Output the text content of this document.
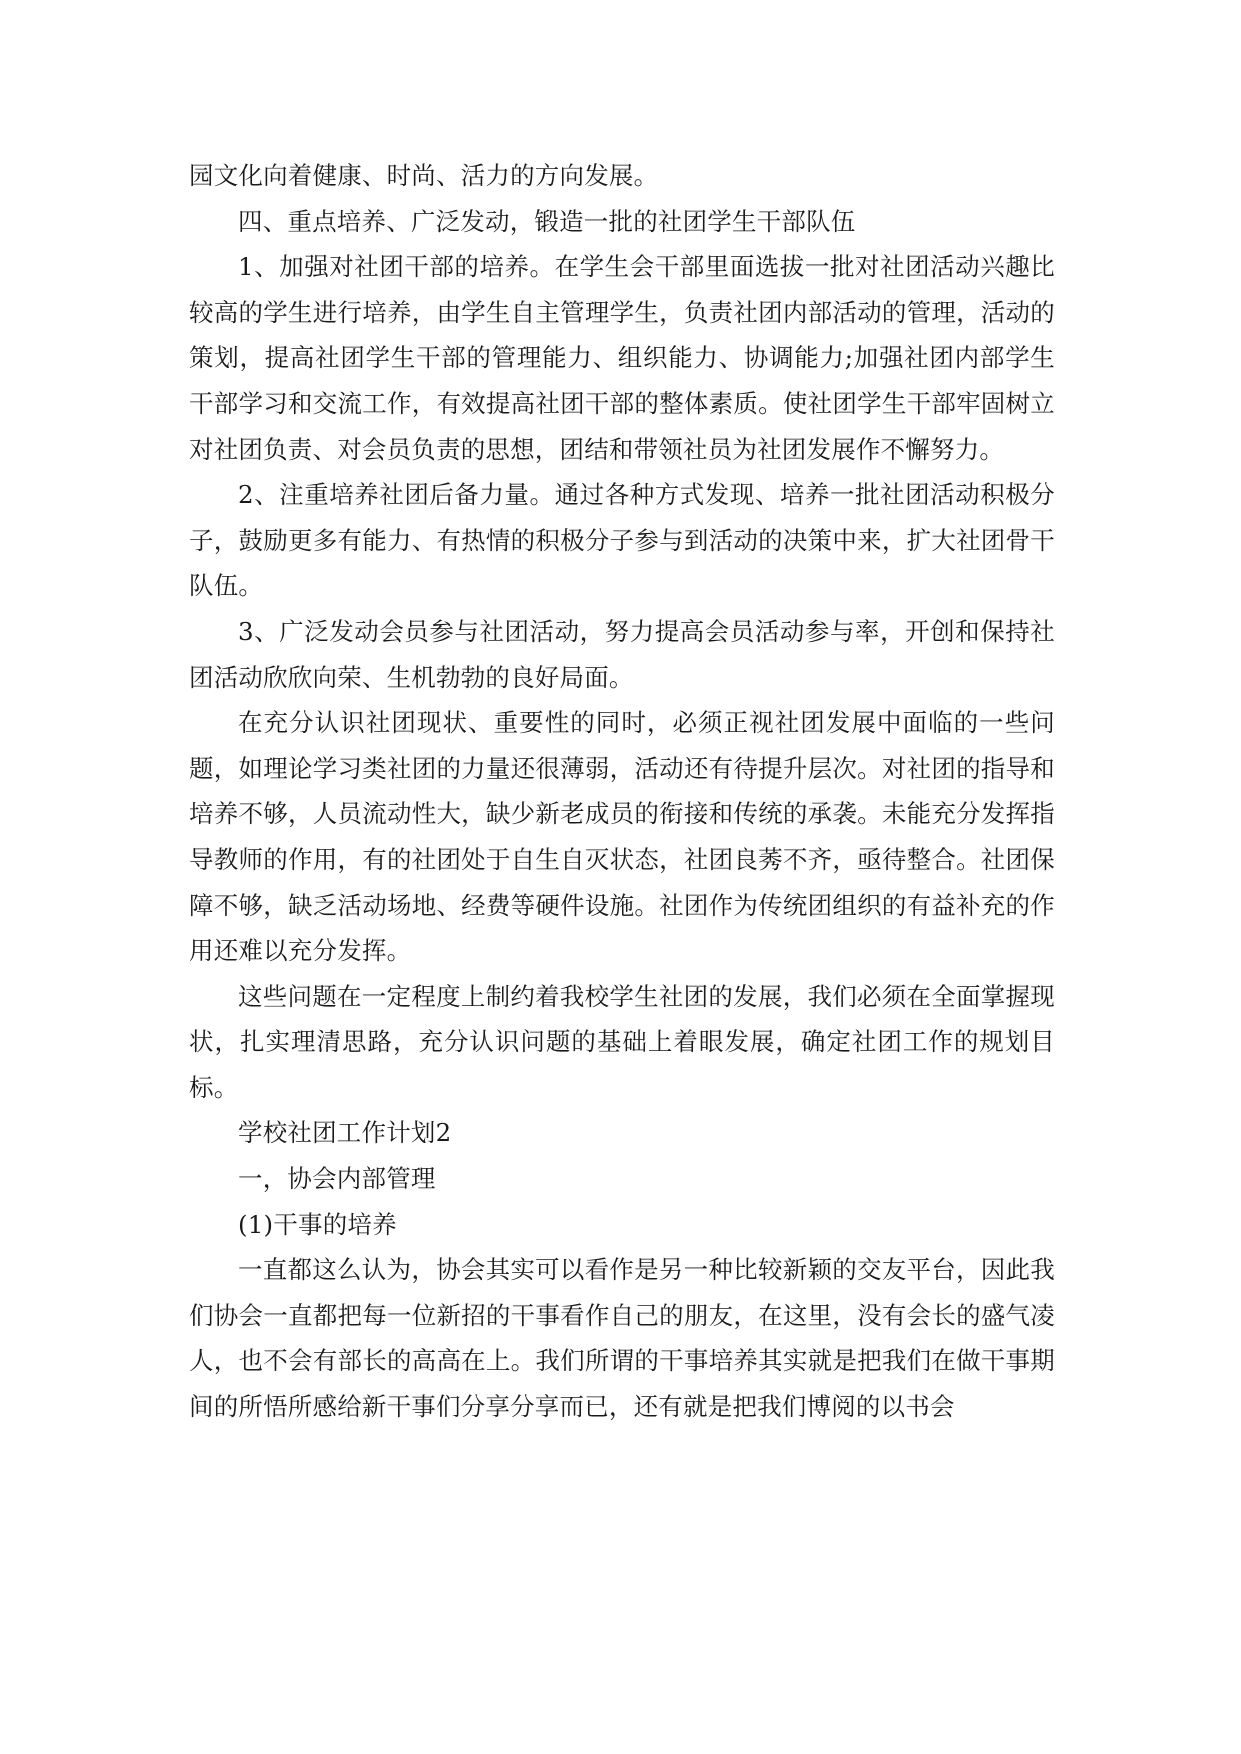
园文化向着健康、时尚、活力的方向发展。

四、重点培养、广泛发动，锻造一批的社团学生干部队伍

1、加强对社团干部的培养。在学生会干部里面选拔一批对社团活动兴趣比较高的学生进行培养，由学生自主管理学生，负责社团内部活动的管理，活动的策划，提高社团学生干部的管理能力、组织能力、协调能力;加强社团内部学生干部学习和交流工作，有效提高社团干部的整体素质。使社团学生干部牢固树立对社团负责、对会员负责的思想，团结和带领社员为社团发展作不懈努力。

2、注重培养社团后备力量。通过各种方式发现、培养一批社团活动积极分子，鼓励更多有能力、有热情的积极分子参与到活动的决策中来，扩大社团骨干队伍。

3、广泛发动会员参与社团活动，努力提高会员活动参与率，开创和保持社团活动欣欣向荣、生机勃勃的良好局面。

在充分认识社团现状、重要性的同时，必须正视社团发展中面临的一些问题，如理论学习类社团的力量还很薄弱，活动还有待提升层次。对社团的指导和培养不够，人员流动性大，缺少新老成员的衔接和传统的承袭。未能充分发挥指导教师的作用，有的社团处于自生自灭状态，社团良莠不齐，亟待整合。社团保障不够，缺乏活动场地、经费等硬件设施。社团作为传统团组织的有益补充的作用还难以充分发挥。

这些问题在一定程度上制约着我校学生社团的发展，我们必须在全面掌握现状，扎实理清思路，充分认识问题的基础上着眼发展，确定社团工作的规划目标。

学校社团工作计划2

一，协会内部管理

(1)干事的培养

一直都这么认为，协会其实可以看作是另一种比较新颖的交友平台，因此我们协会一直都把每一位新招的干事看作自己的朋友，在这里，没有会长的盛气凌人，也不会有部长的高高在上。我们所谓的干事培养其实就是把我们在做干事期间的所悟所感给新干事们分享分享而已，还有就是把我们博阅的以书会
